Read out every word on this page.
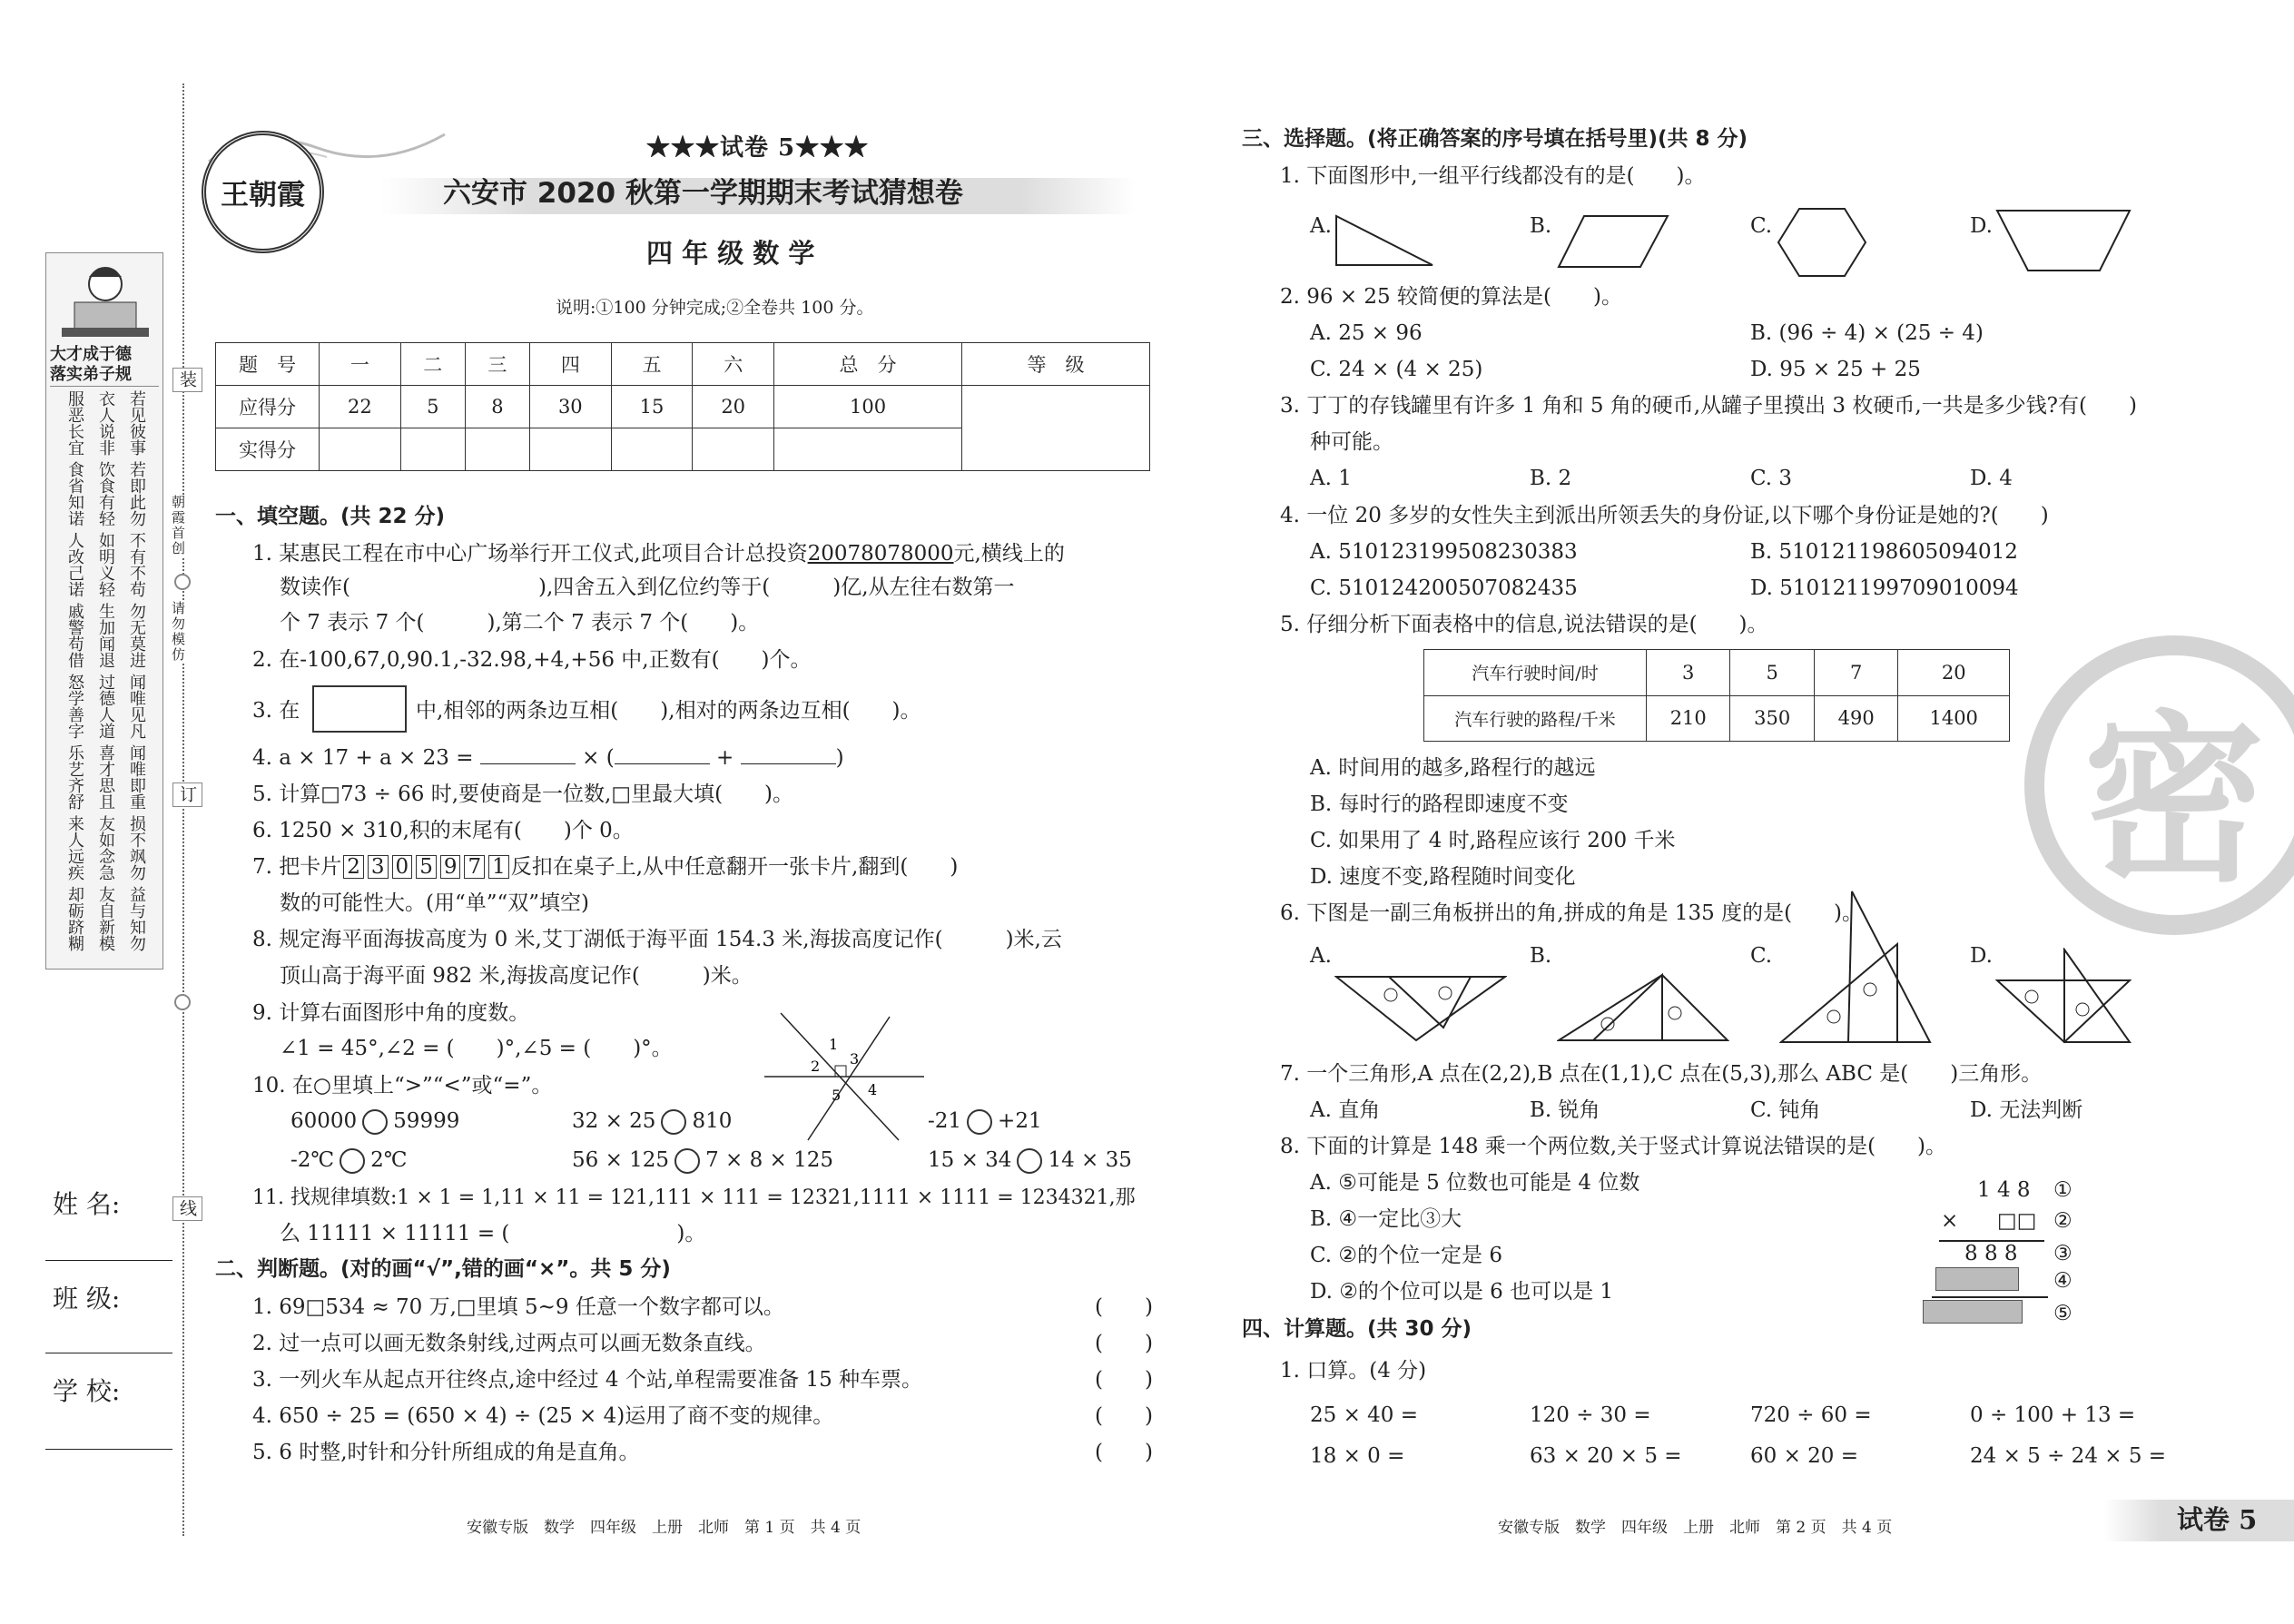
大才成于德
落实弟子规
若见彼事
衣人说非
服恶长宜
若即此勿
饮食有轻
食省知诺
不有不苟
如明义轻
人改己诺
勿无莫进
生加闻退
戚警苟借
闻唯见凡
过德人道
怒学善字
闻唯即重
喜才思且
乐艺齐舒
损不飒勿
友如念急
来人远疾
益与知勿
友自新模
却砺跻糊
装
朝霞首创
请勿模仿
订
线
姓 名:
班 级:
学 校:
王朝霞
★★★试卷 5★★★
六安市 2020 秋第一学期期末考试猜想卷
四 年 级 数 学
说明:①100 分钟完成;②全卷共 100 分。
题　号	一	二	三	四	五	六	总　分	等　级
应得分	22	5	8	30	15	20	100	
实得分								
一、填空题。(共 22 分)
1. 某惠民工程在市中心广场举行开工仪式,此项目合计总投资20078078000元,横线上的
数读作(　　　　　　　　　),四舍五入到亿位约等于(　　　)亿,从左往右数第一
个 7 表示 7 个(　　　),第二个 7 表示 7 个(　　)。
2. 在-100,67,0,90.1,-32.98,+4,+56 中,正数有(　　)个。
3. 在	中,相邻的两条边互相(　　),相对的两条边互相(　　)。
4. a × 17 + a × 23 =	× (	+	)
5. 计算□73 ÷ 66 时,要使商是一位数,□里最大填(　　)。
6. 1250 × 310,积的末尾有(　　)个 0。
7. 把卡片 2 3 0 5 9 7 1 反扣在桌子上,从中任意翻开一张卡片,翻到(　　)
数的可能性大。(用“单”“双”填空)
8. 规定海平面海拔高度为 0 米,艾丁湖低于海平面 154.3 米,海拔高度记作(　　　)米,云
顶山高于海平面 982 米,海拔高度记作(　　　)米。
9. 计算右面图形中角的度数。
∠1 = 45°,∠2 = (　　)°,∠5 = (　　)°。	1
2 3
4
5
10. 在○里填上“>”“<”或“=”。
60000 59999	32 × 25 810	-21 +21
-2℃ 2℃	56 × 125 7 × 8 × 125	15 × 34 14 × 35
11. 找规律填数:1 × 1 = 1,11 × 11 = 121,111 × 111 = 12321,1111 × 1111 = 1234321,那
么 11111 × 11111 = (　　　　　　　　)。
二、判断题。(对的画“√”,错的画“×”。共 5 分)
1. 69□534 ≈ 70 万,□里填 5~9 任意一个数字都可以。	(　　)
2. 过一点可以画无数条射线,过两点可以画无数条直线。	(　　)
3. 一列火车从起点开往终点,途中经过 4 个站,单程需要准备 15 种车票。	(　　)
4. 650 ÷ 25 = (650 × 4) ÷ (25 × 4)运用了商不变的规律。	(　　)
5. 6 时整,时针和分针所组成的角是直角。	(　　)
安徽专版　数学　四年级　上册　北师　第 1 页　共 4 页
密
三、选择题。(将正确答案的序号填在括号里)(共 8 分)
1. 下面图形中,一组平行线都没有的是(　　)。
A.	B.	C.	D.
2. 96 × 25 较简便的算法是(　　)。
A. 25 × 96	B. (96 ÷ 4) × (25 ÷ 4)
C. 24 × (4 × 25)	D. 95 × 25 + 25
3. 丁丁的存钱罐里有许多 1 角和 5 角的硬币,从罐子里摸出 3 枚硬币,一共是多少钱?有(　　)
种可能。
A. 1	B. 2	C. 3	D. 4
4. 一位 20 多岁的女性失主到派出所领丢失的身份证,以下哪个身份证是她的?(　　)
A. 510123199508230383	B. 510121198605094012
C. 510124200507082435	D. 510121199709010094
5. 仔细分析下面表格中的信息,说法错误的是(　　)。
汽车行驶时间/时	3	5	7	20
汽车行驶的路程/千米	210	350	490	1400
A. 时间用的越多,路程行的越远
B. 每时行的路程即速度不变
C. 如果用了 4 时,路程应该行 200 千米
D. 速度不变,路程随时间变化
6. 下图是一副三角板拼出的角,拼成的角是 135 度的是(　　)。
A.	B.	C.	D.
7. 一个三角形,A 点在(2,2),B 点在(1,1),C 点在(5,3),那么 ABC 是(　　)三角形。
A. 直角	B. 锐角	C. 钝角	D. 无法判断
8. 下面的计算是 148 乘一个两位数,关于竖式计算说法错误的是(　　)。
A. ⑤可能是 5 位数也可能是 4 位数
B. ④一定比③大
C. ②的个位一定是 6
D. ②的个位可以是 6 也可以是 1
1 4 8
× □□
8 8 8
①
②
③
④
⑤
四、计算题。(共 30 分)
1. 口算。(4 分)
25 × 40 =	120 ÷ 30 =	720 ÷ 60 =	0 ÷ 100 + 13 =
18 × 0 =	63 × 20 × 5 =	60 × 20 =	24 × 5 ÷ 24 × 5 =
安徽专版　数学　四年级　上册　北师　第 2 页　共 4 页	试卷 5
